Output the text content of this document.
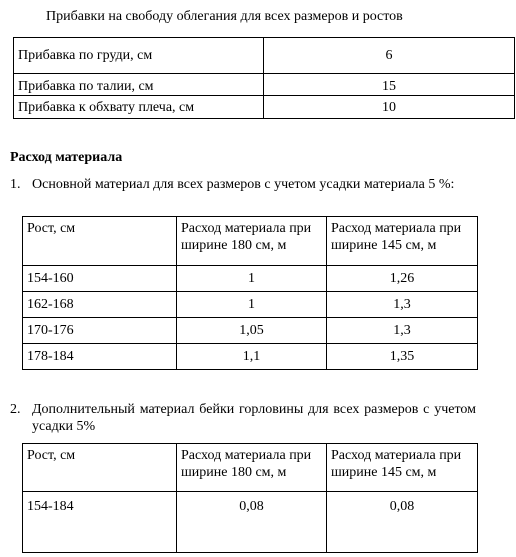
Прибавки на свободу облегания для всех размеров и ростов
Прибавка по груди, см	6
Прибавка по талии, см	15
Прибавка к обхвату плеча, см	10
Расход материала
1. Основной материал для всех размеров с учетом усадки материала 5 %:
Рост, см	Расход материала при ширине 180 см, м	Расход материала при ширине 145 см, м
154-160	1	1,26
162-168	1	1,3
170-176	1,05	1,3
178-184	1,1	1,35
2. Дополнительный материал бейки горловины для всех размеров с учетом усадки 5%
Рост, см	Расход материала при ширине 180 см, м	Расход материала при ширине 145 см, м
154-184	0,08	0,08
